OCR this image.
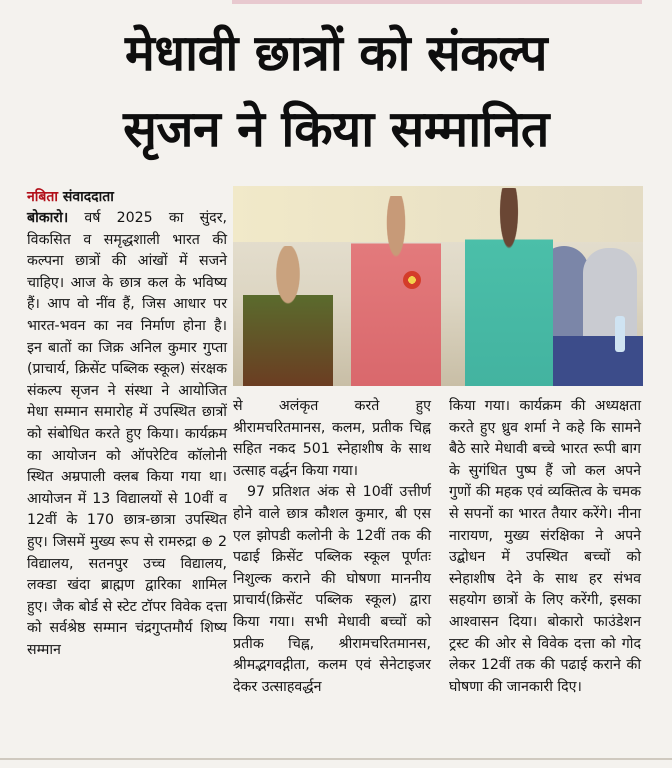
मेधावी छात्रों को संकल्प
सृजन ने किया सम्मानित

नबिता संवाददाता

बोकारो। वर्ष 2025 का सुंदर, विकसित व समृद्धशाली भारत की कल्पना छात्रों की आंखों में सजने चाहिए। आज के छात्र कल के भविष्य हैं। आप वो नींव हैं, जिस आधार पर भारत-भवन का नव निर्माण होना है। इन बातों का जिक्र अनिल कुमार गुप्ता (प्राचार्य, क्रिसेंट पब्लिक स्कूल) संरक्षक संकल्प सृजन ने संस्था ने आयोजित मेधा सम्मान समारोह में उपस्थित छात्रों को संबोधित करते हुए किया। कार्यक्रम का आयोजन को ऑपरेटिव कॉलोनी स्थित अम्रपाली क्लब किया गया था। आयोजन में 13 विद्यालयों से 10वीं व 12वीं के 170 छात्र-छात्रा उपस्थित हुए। जिसमें मुख्य रूप से रामरुद्रा ⊕ 2 विद्यालय, सतनपुर उच्च विद्यालय, लक्डा खंदा ब्राह्मण द्वारिका शामिल हुए। जैक बोर्ड से स्टेट टॉपर विवेक दत्ता को सर्वश्रेष्ठ सम्मान चंद्रगुप्तमौर्य शिष्य सम्मान

से अलंकृत करते हुए श्रीरामचरितमानस, कलम, प्रतीक चिह्न सहित नकद 501 स्नेहाशीष के साथ उत्साह वर्द्धन किया गया।

97 प्रतिशत अंक से 10वीं उत्तीर्ण होने वाले छात्र कौशल कुमार, बी एस एल झोपडी कलोनी के 12वीं तक की पढाई क्रिसेंट पब्लिक स्कूल पूर्णतः निशुल्क कराने की घोषणा माननीय प्राचार्य(क्रिसेंट पब्लिक स्कूल) द्वारा किया गया। सभी मेधावी बच्चों को प्रतीक चिह्न, श्रीरामचरितमानस, श्रीमद्भगवद्गीता, कलम एवं सेनेटाइजर देकर उत्साहवर्द्धन

किया गया। कार्यक्रम की अध्यक्षता करते हुए ध्रुव शर्मा ने कहे कि सामने बैठे सारे मेधावी बच्चे भारत रूपी बाग के सुगंधित पुष्प हैं जो कल अपने गुणों की महक एवं व्यक्तित्व के चमक से सपनों का भारत तैयार करेंगे। नीना नारायण, मुख्य संरक्षिका ने अपने उद्बोधन में उपस्थित बच्चों को स्नेहाशीष देने के साथ हर संभव सहयोग छात्रों के लिए करेंगी, इसका आश्वासन दिया। बोकारो फाउंडेशन ट्रस्ट की ओर से विवेक दत्ता को गोद लेकर 12वीं तक की पढाई कराने की घोषणा की जानकारी दिए।
